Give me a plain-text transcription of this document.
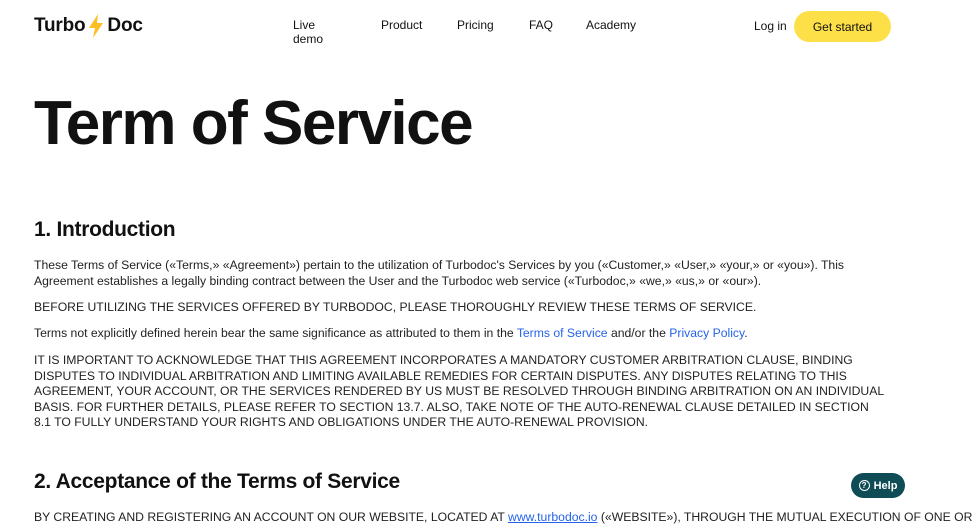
Turbo Doc	Live demo
Product	Pricing	FAQ	Academy	Log in	Get started
Term of Service
1. Introduction

These Terms of Service («Terms,» «Agreement») pertain to the utilization of Turbodoc's Services by you («Customer,» «User,» «your,» or «you»). This Agreement establishes a legally binding contract between the User and the Turbodoc web service («Turbodoc,» «we,» «us,» or «our»).

BEFORE UTILIZING THE SERVICES OFFERED BY TURBODOC, PLEASE THOROUGHLY REVIEW THESE TERMS OF SERVICE.

Terms not explicitly defined herein bear the same significance as attributed to them in the Terms of Service and/or the Privacy Policy.

IT IS IMPORTANT TO ACKNOWLEDGE THAT THIS AGREEMENT INCORPORATES A MANDATORY CUSTOMER ARBITRATION CLAUSE, BINDING DISPUTES TO INDIVIDUAL ARBITRATION AND LIMITING AVAILABLE REMEDIES FOR CERTAIN DISPUTES. ANY DISPUTES RELATING TO THIS AGREEMENT, YOUR ACCOUNT, OR THE SERVICES RENDERED BY US MUST BE RESOLVED THROUGH BINDING ARBITRATION ON AN INDIVIDUAL BASIS. FOR FURTHER DETAILS, PLEASE REFER TO SECTION 13.7. ALSO, TAKE NOTE OF THE AUTO-RENEWAL CLAUSE DETAILED IN SECTION 8.1 TO FULLY UNDERSTAND YOUR RIGHTS AND OBLIGATIONS UNDER THE AUTO-RENEWAL PROVISION.

2. Acceptance of the Terms of Service

BY CREATING AND REGISTERING AN ACCOUNT ON OUR WEBSITE, LOCATED AT www.turbodoc.io («WEBSITE»), THROUGH THE MUTUAL EXECUTION OF ONE OR

? Help
